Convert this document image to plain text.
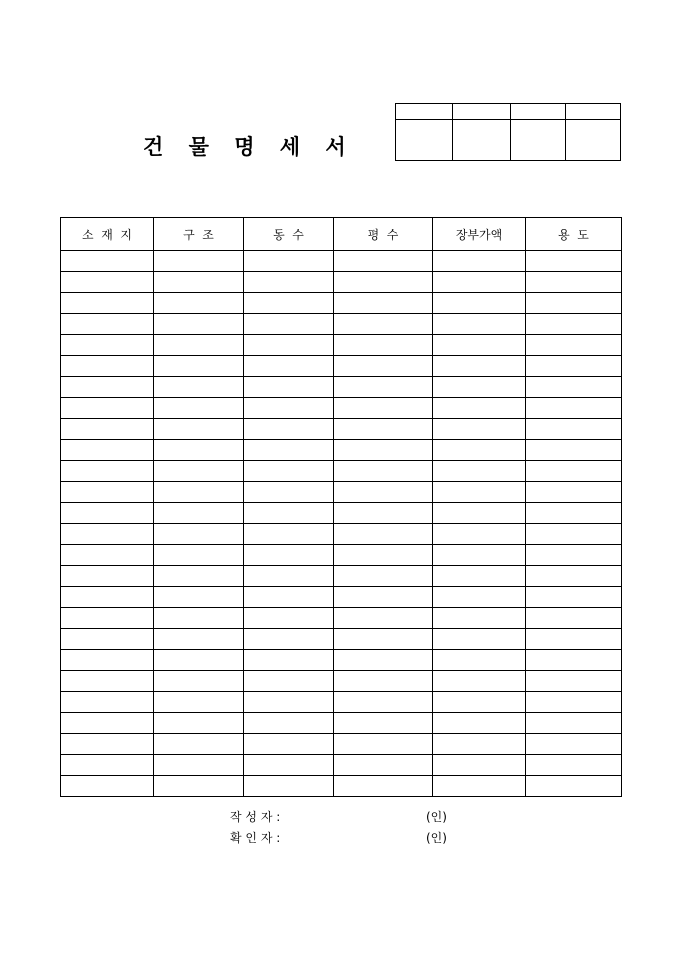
건 물 명 세 서

소  재  지	구  조	동  수	평  수	장부가액	용  도

작 성 자 :	(인)
확 인 자 :	(인)
